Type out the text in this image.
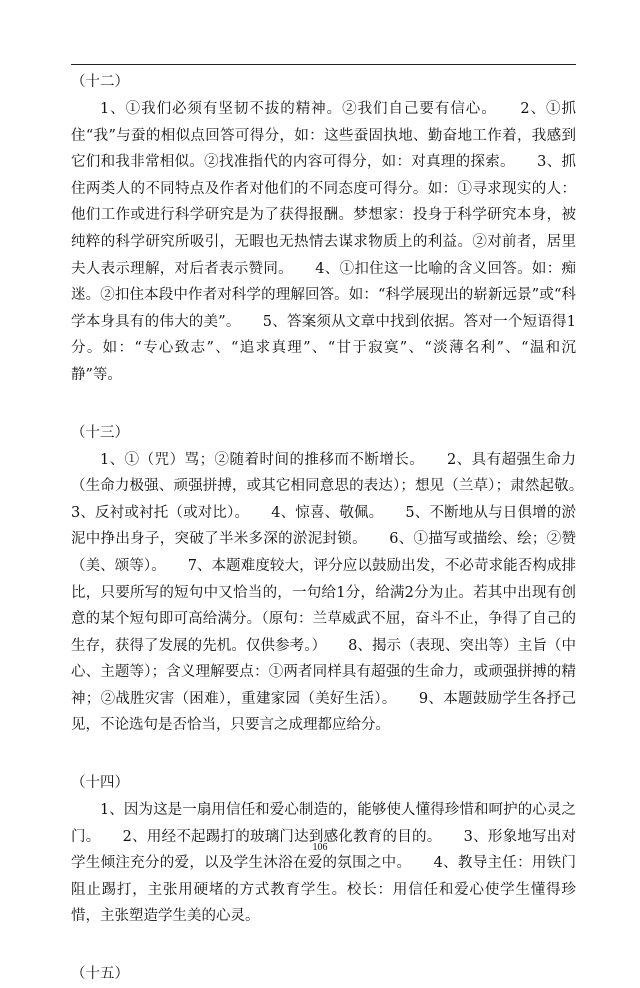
（十二）

1、①我们必须有坚韧不拔的精神。②我们自己要有信心。　　2、①抓住“我”与蚕的相似点回答可得分，如：这些蚕固执地、勤奋地工作着，我感到它们和我非常相似。②找准指代的内容可得分，如：对真理的探索。　　3、抓住两类人的不同特点及作者对他们的不同态度可得分。如：①寻求现实的人：他们工作或进行科学研究是为了获得报酬。梦想家：投身于科学研究本身，被纯粹的科学研究所吸引，无暇也无热情去谋求物质上的利益。②对前者，居里夫人表示理解，对后者表示赞同。　　4、①扣住这一比喻的含义回答。如：痴迷。②扣住本段中作者对科学的理解回答。如：“科学展现出的崭新远景”或“科学本身具有的伟大的美”。　　5、答案须从文章中找到依据。答对一个短语得1分。如：“专心致志”、“追求真理”、“甘于寂寞”、“淡薄名利”、“温和沉静”等。

（十三）

1、①（咒）骂；②随着时间的推移而不断增长。　　2、具有超强生命力（生命力极强、顽强拼搏，或其它相同意思的表达）；想见（兰草）；肃然起敬。　　3、反衬或衬托（或对比）。　　4、惊喜、敬佩。　　5、不断地从与日俱增的淤泥中挣出身子，突破了半米多深的淤泥封锁。　　6、①描写或描绘、绘；②赞（美、颂等）。　　7、本题难度较大，评分应以鼓励出发，不必苛求能否构成排比，只要所写的短句中又恰当的，一句给1分，给满2分为止。若其中出现有创意的某个短句即可高给满分。（原句：兰草威武不屈，奋斗不止，争得了自己的生存，获得了发展的先机。仅供参考。）　　8、揭示（表现、突出等）主旨（中心、主题等）；含义理解要点：①两者同样具有超强的生命力，或顽强拼搏的精神；②战胜灾害（困难），重建家园（美好生活）。　　9、本题鼓励学生各抒己见，不论选句是否恰当，只要言之成理都应给分。

（十四）

1、因为这是一扇用信任和爱心制造的，能够使人懂得珍惜和呵护的心灵之门。　　2、用经不起踢打的玻璃门达到感化教育的目的。　　3、形象地写出对学生倾注充分的爱，以及学生沐浴在爱的氛围之中。　　4、教导主任：用铁门阻止踢打，主张用硬堵的方式教育学生。校长：用信任和爱心使学生懂得珍惜，主张塑造学生美的心灵。

（十五）

106
